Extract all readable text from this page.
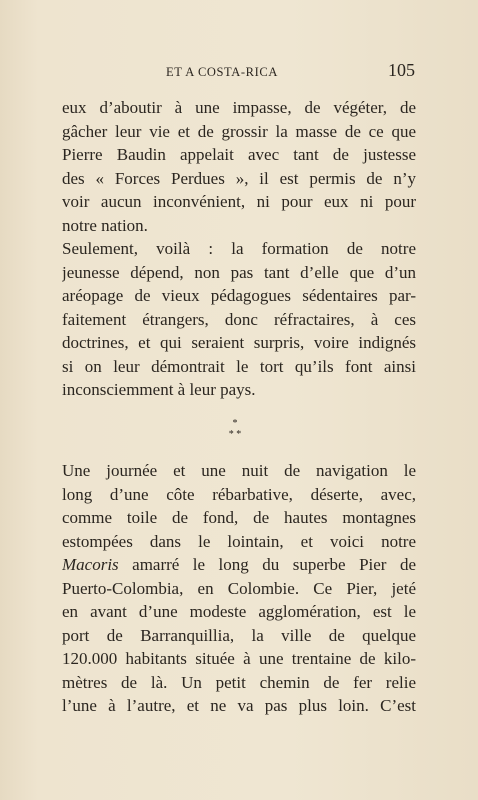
ET A COSTA-RICA	105
eux d’aboutir à une impasse, de végéter, de
gâcher leur vie et de grossir la masse de ce que
Pierre Baudin appelait avec tant de justesse
des « Forces Perdues », il est permis de n’y
voir aucun inconvénient, ni pour eux ni pour
notre nation.
Seulement, voilà : la formation de notre
jeunesse dépend, non pas tant d’elle que d’un
aréopage de vieux pédagogues sédentaires par-
faitement étrangers, donc réfractaires, à ces
doctrines, et qui seraient surpris, voire indignés
si on leur démontrait le tort qu’ils font ainsi
inconsciemment à leur pays.
*
* *
Une journée et une nuit de navigation le
long d’une côte rébarbative, déserte, avec,
comme toile de fond, de hautes montagnes
estompées dans le lointain, et voici notre
Macoris amarré le long du superbe Pier de
Puerto-Colombia, en Colombie. Ce Pier, jeté
en avant d’une modeste agglomération, est le
port de Barranquillia, la ville de quelque
120.000 habitants située à une trentaine de kilo-
mètres de là. Un petit chemin de fer relie
l’une à l’autre, et ne va pas plus loin. C’est
